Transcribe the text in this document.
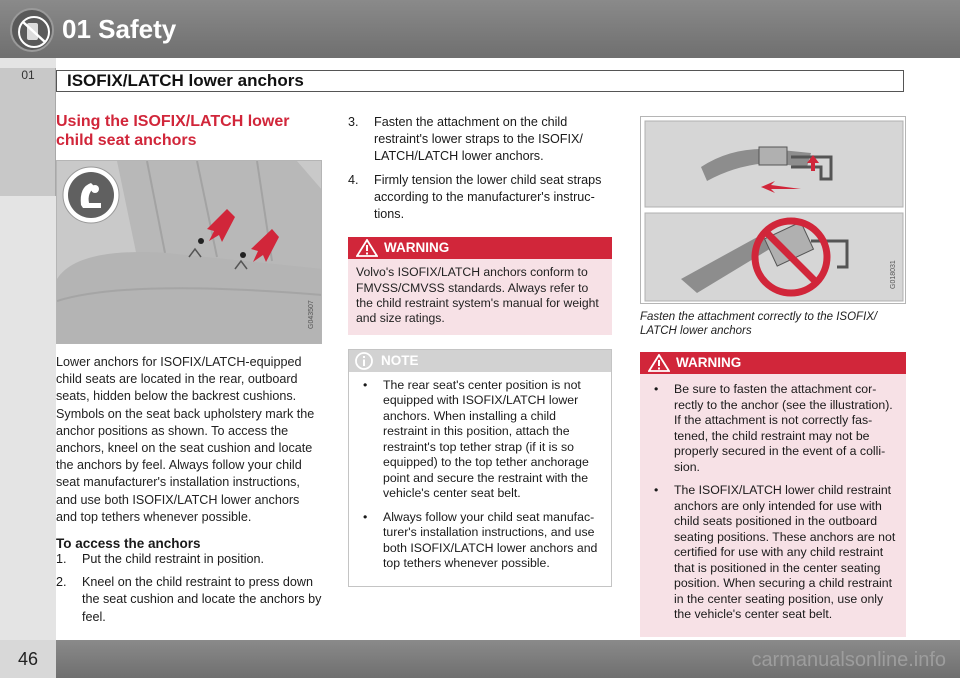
01 Safety
01	ISOFIX/LATCH lower anchors
Using the ISOFIX/LATCH lower child seat anchors
G043507
Lower anchors for ISOFIX/LATCH-equipped child seats are located in the rear, outboard seats, hidden below the backrest cushions. Symbols on the seat back upholstery mark the anchor positions as shown. To access the anchors, kneel on the seat cushion and locate the anchors by feel. Always follow your child seat manufacturer's installation instructions, and use both ISOFIX/LATCH lower anchors and top tethers whenever possible.
To access the anchors
1. Put the child restraint in position.
2. Kneel on the child restraint to press down the seat cushion and locate the anchors by feel.
3. Fasten the attachment on the child restraint's lower straps to the ISOFIX/ LATCH/LATCH lower anchors.
4. Firmly tension the lower child seat straps according to the manufacturer's instruc- tions.
WARNING
Volvo's ISOFIX/LATCH anchors conform to FMVSS/CMVSS standards. Always refer to the child restraint system's manual for weight and size ratings.
NOTE
• The rear seat's center position is not equipped with ISOFIX/LATCH lower anchors. When installing a child restraint in this position, attach the restraint's top tether strap (if it is so equipped) to the top tether anchorage point and secure the restraint with the vehicle's center seat belt.
• Always follow your child seat manufac- turer's installation instructions, and use both ISOFIX/LATCH lower anchors and top tethers whenever possible.
G018031
Fasten the attachment correctly to the ISOFIX/ LATCH lower anchors
WARNING
• Be sure to fasten the attachment cor- rectly to the anchor (see the illustration). If the attachment is not correctly fas- tened, the child restraint may not be properly secured in the event of a colli- sion.
• The ISOFIX/LATCH lower child restraint anchors are only intended for use with child seats positioned in the outboard seating positions. These anchors are not certified for use with any child restraint that is positioned in the center seating position. When securing a child restraint in the center seating position, use only the vehicle's center seat belt.
46	carmanualsonline.info
